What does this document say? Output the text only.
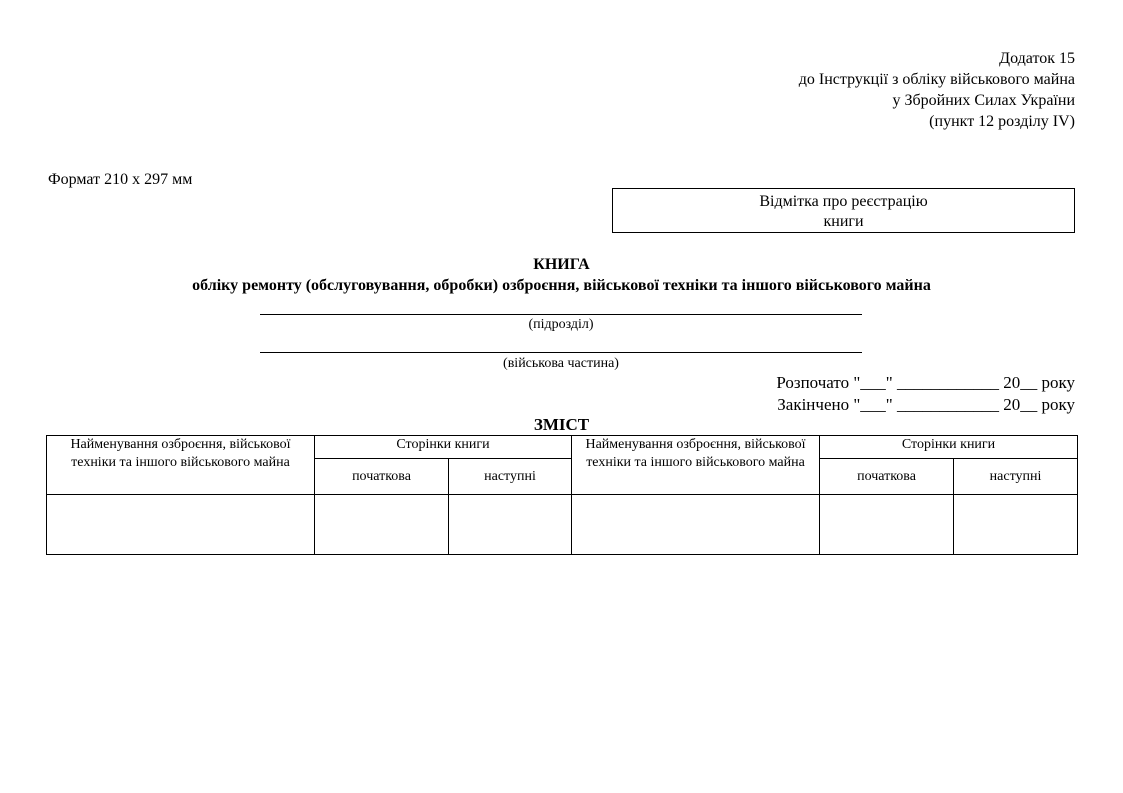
Додаток 15
до Інструкції з обліку військового майна
у Збройних Силах України
(пункт 12 розділу IV)
Формат 210 х 297 мм
Відмітка про реєстрацію
книги
КНИГА
обліку ремонту (обслуговування, обробки) озброєння, військової техніки та іншого військового майна
(підрозділ)
(військова частина)
Розпочато "___" ____________ 20__ року
Закінчено "___" ____________ 20__ року
ЗМІСТ
Найменування озброєння, військової техніки та іншого військового майна	Сторінки книги		Найменування озброєння, військової техніки та іншого військового майна	Сторінки книги	
	початкова	наступні		початкова	наступні
